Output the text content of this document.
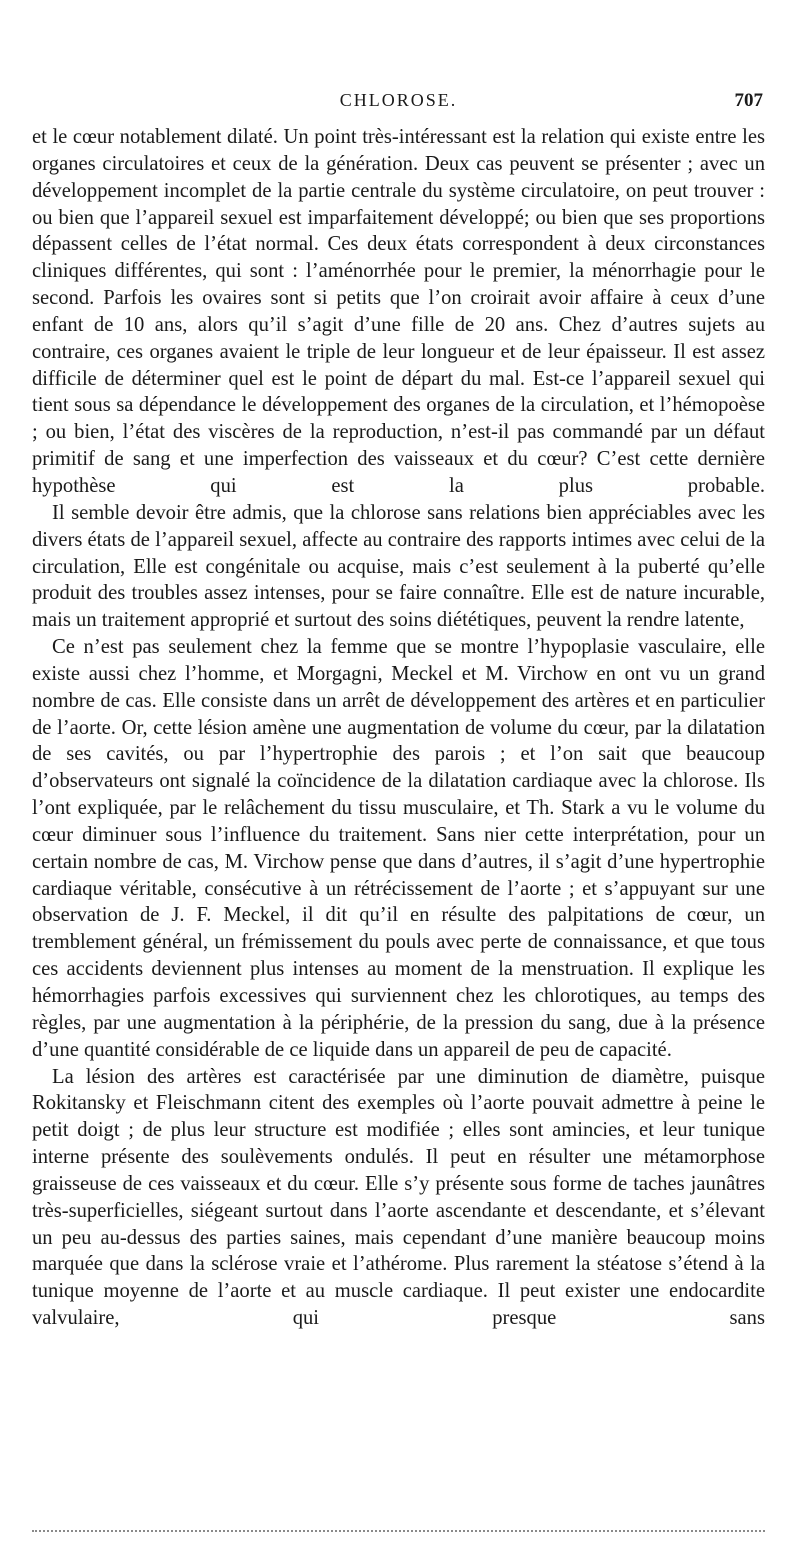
CHLOROSE.	707

et le cœur notablement dilaté. Un point très-intéressant est la relation qui existe entre les organes circulatoires et ceux de la génération. Deux cas peuvent se présenter ; avec un développement incomplet de la partie centrale du système circulatoire, on peut trouver : ou bien que l’appareil sexuel est imparfaitement développé; ou bien que ses proportions dépassent celles de l’état normal. Ces deux états correspondent à deux circonstances cliniques différentes, qui sont : l’aménorrhée pour le premier, la ménorrhagie pour le second. Parfois les ovaires sont si petits que l’on croirait avoir affaire à ceux d’une enfant de 10 ans, alors qu’il s’agit d’une fille de 20 ans. Chez d’autres sujets au contraire, ces organes avaient le triple de leur longueur et de leur épaisseur. Il est assez difficile de déterminer quel est le point de départ du mal. Est-ce l’appareil sexuel qui tient sous sa dépendance le développement des organes de la circulation, et l’hémopoèse ; ou bien, l’état des viscères de la reproduction, n’est-il pas commandé par un défaut primitif de sang et une imperfection des vaisseaux et du cœur? C’est cette dernière hypothèse qui est la plus probable.

Il semble devoir être admis, que la chlorose sans relations bien appréciables avec les divers états de l’appareil sexuel, affecte au contraire des rapports intimes avec celui de la circulation, Elle est congénitale ou acquise, mais c’est seulement à la puberté qu’elle produit des troubles assez intenses, pour se faire connaître. Elle est de nature incurable, mais un traitement approprié et surtout des soins diététiques, peuvent la rendre latente,

Ce n’est pas seulement chez la femme que se montre l’hypoplasie vasculaire, elle existe aussi chez l’homme, et Morgagni, Meckel et M. Virchow en ont vu un grand nombre de cas. Elle consiste dans un arrêt de développement des artères et en particulier de l’aorte. Or, cette lésion amène une augmentation de volume du cœur, par la dilatation de ses cavités, ou par l’hypertrophie des parois ; et l’on sait que beaucoup d’observateurs ont signalé la coïncidence de la dilatation cardiaque avec la chlorose. Ils l’ont expliquée, par le relâchement du tissu musculaire, et Th. Stark a vu le volume du cœur diminuer sous l’influence du traitement. Sans nier cette interprétation, pour un certain nombre de cas, M. Virchow pense que dans d’autres, il s’agit d’une hypertrophie cardiaque véritable, consécutive à un rétrécissement de l’aorte ; et s’appuyant sur une observation de J. F. Meckel, il dit qu’il en résulte des palpitations de cœur, un tremblement général, un frémissement du pouls avec perte de connaissance, et que tous ces accidents deviennent plus intenses au moment de la menstruation. Il explique les hémorrhagies parfois excessives qui surviennent chez les chlorotiques, au temps des règles, par une augmentation à la périphérie, de la pression du sang, due à la présence d’une quantité considérable de ce liquide dans un appareil de peu de capacité.

La lésion des artères est caractérisée par une diminution de diamètre, puisque Rokitansky et Fleischmann citent des exemples où l’aorte pouvait admettre à peine le petit doigt ; de plus leur structure est modifiée ; elles sont amincies, et leur tunique interne présente des soulèvements ondulés. Il peut en résulter une métamorphose graisseuse de ces vaisseaux et du cœur. Elle s’y présente sous forme de taches jaunâtres très-superficielles, siégeant surtout dans l’aorte ascendante et descendante, et s’élevant un peu au-dessus des parties saines, mais cependant d’une manière beaucoup moins marquée que dans la sclérose vraie et l’athérome. Plus rarement la stéatose s’étend à la tunique moyenne de l’aorte et au muscle cardiaque. Il peut exister une endocardite valvulaire, qui presque sans
